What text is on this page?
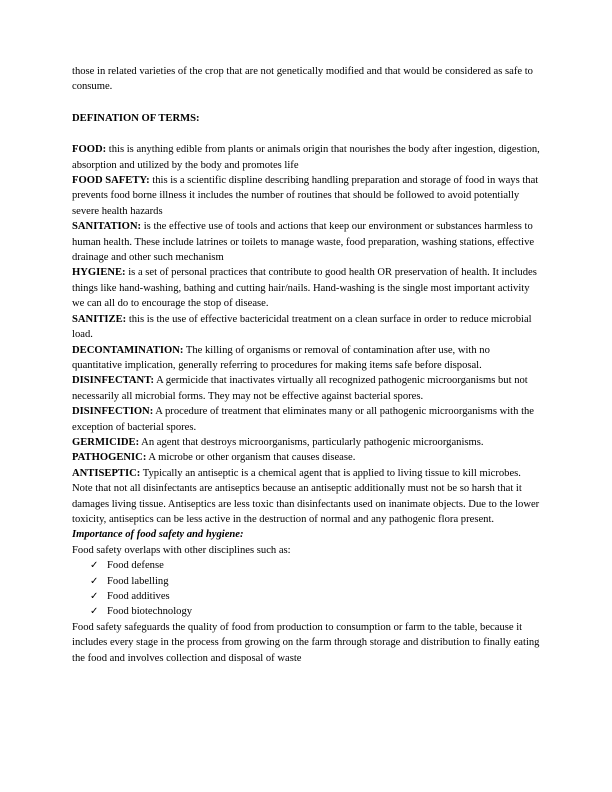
those in related varieties of the crop that are not genetically modified and that would be considered as safe to consume.

DEFINATION OF TERMS:

FOOD: this is anything edible from plants or animals origin that nourishes the body after ingestion, digestion, absorption and utilized by the body and promotes life

FOOD SAFETY: this is a scientific displine describing handling preparation and storage of food in ways that prevents food borne illness it includes the number of routines that should be followed to avoid potentially severe health hazards

SANITATION: is the effective use of tools and actions that keep our environment or substances harmless to human health. These include latrines or toilets to manage waste, food preparation, washing stations, effective drainage and other such mechanism

HYGIENE: is a set of personal practices that contribute to good health OR preservation of health. It includes things like hand-washing, bathing and cutting hair/nails. Hand-washing is the single most important activity we can all do to encourage the stop of disease.

SANITIZE: this is the use of effective bactericidal treatment on a clean surface in order to reduce microbial load.

DECONTAMINATION: The killing of organisms or removal of contamination after use, with no quantitative implication, generally referring to procedures for making items safe before disposal.

DISINFECTANT: A germicide that inactivates virtually all recognized pathogenic microorganisms but not necessarily all microbial forms. They may not be effective against bacterial spores.

DISINFECTION: A procedure of treatment that eliminates many or all pathogenic microorganisms with the exception of bacterial spores.

GERMICIDE: An agent that destroys microorganisms, particularly pathogenic microorganisms.

PATHOGENIC: A microbe or other organism that causes disease.

ANTISEPTIC: Typically an antiseptic is a chemical agent that is applied to living tissue to kill microbes. Note that not all disinfectants are antiseptics because an antiseptic additionally must not be so harsh that it damages living tissue. Antiseptics are less toxic than disinfectants used on inanimate objects. Due to the lower toxicity, antiseptics can be less active in the destruction of normal and any pathogenic flora present.

Importance of food safety and hygiene:

Food safety overlaps with other disciplines such as:

✓ Food defense
✓ Food labelling
✓ Food additives
✓ Food biotechnology

Food safety safeguards the quality of food from production to consumption or farm to the table, because it includes every stage in the process from growing on the farm through storage and distribution to finally eating the food and involves collection and disposal of waste
